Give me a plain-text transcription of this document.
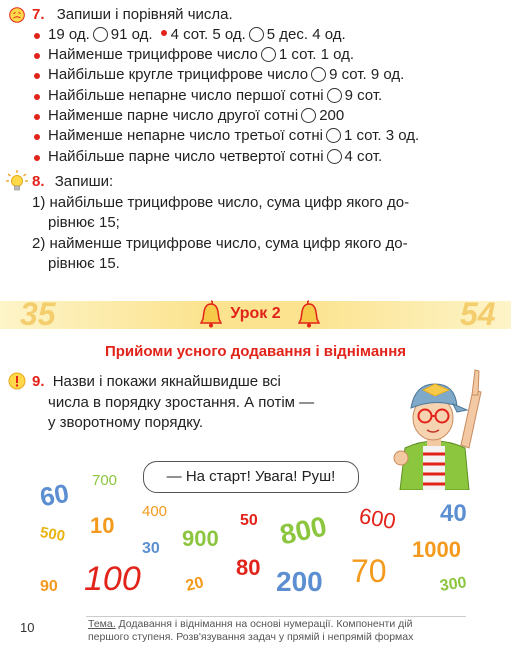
7. Запиши і порівняй числа.
19 од. 91 од. 4 сот. 5 од. 5 дес. 4 од.
Найменше трицифрове число 1 сот. 1 од.
Найбільше кругле трицифрове число 9 сот. 9 од.
Найбільше непарне число першої сотні 9 сот.
Найменше парне число другої сотні 200
Найменше непарне число третьої сотні 1 сот. 3 од.
Найбільше парне число четвертої сотні 4 сот.
8. Запиши:
1) найбільше трицифрове число, сума цифр якого до-
рівнює 15;
2) найменше трицифрове число, сума цифр якого до-
рівнює 15.
35	54
Урок 2
Прийоми усного додавання і віднімання
9. Назви і покажи якнайшвидше всі
числа в порядку зростання. А потім —
у зворотному порядку.
— На старт! Увага! Руш!
60 700
400
10
500
30 900
50 800 600 40
1000
90 100	20
80 200 70	300
10	Тема. Додавання і віднімання на основі нумерації. Компоненти дій
першого ступеня. Розв'язування задач у прямій і непрямій формах
